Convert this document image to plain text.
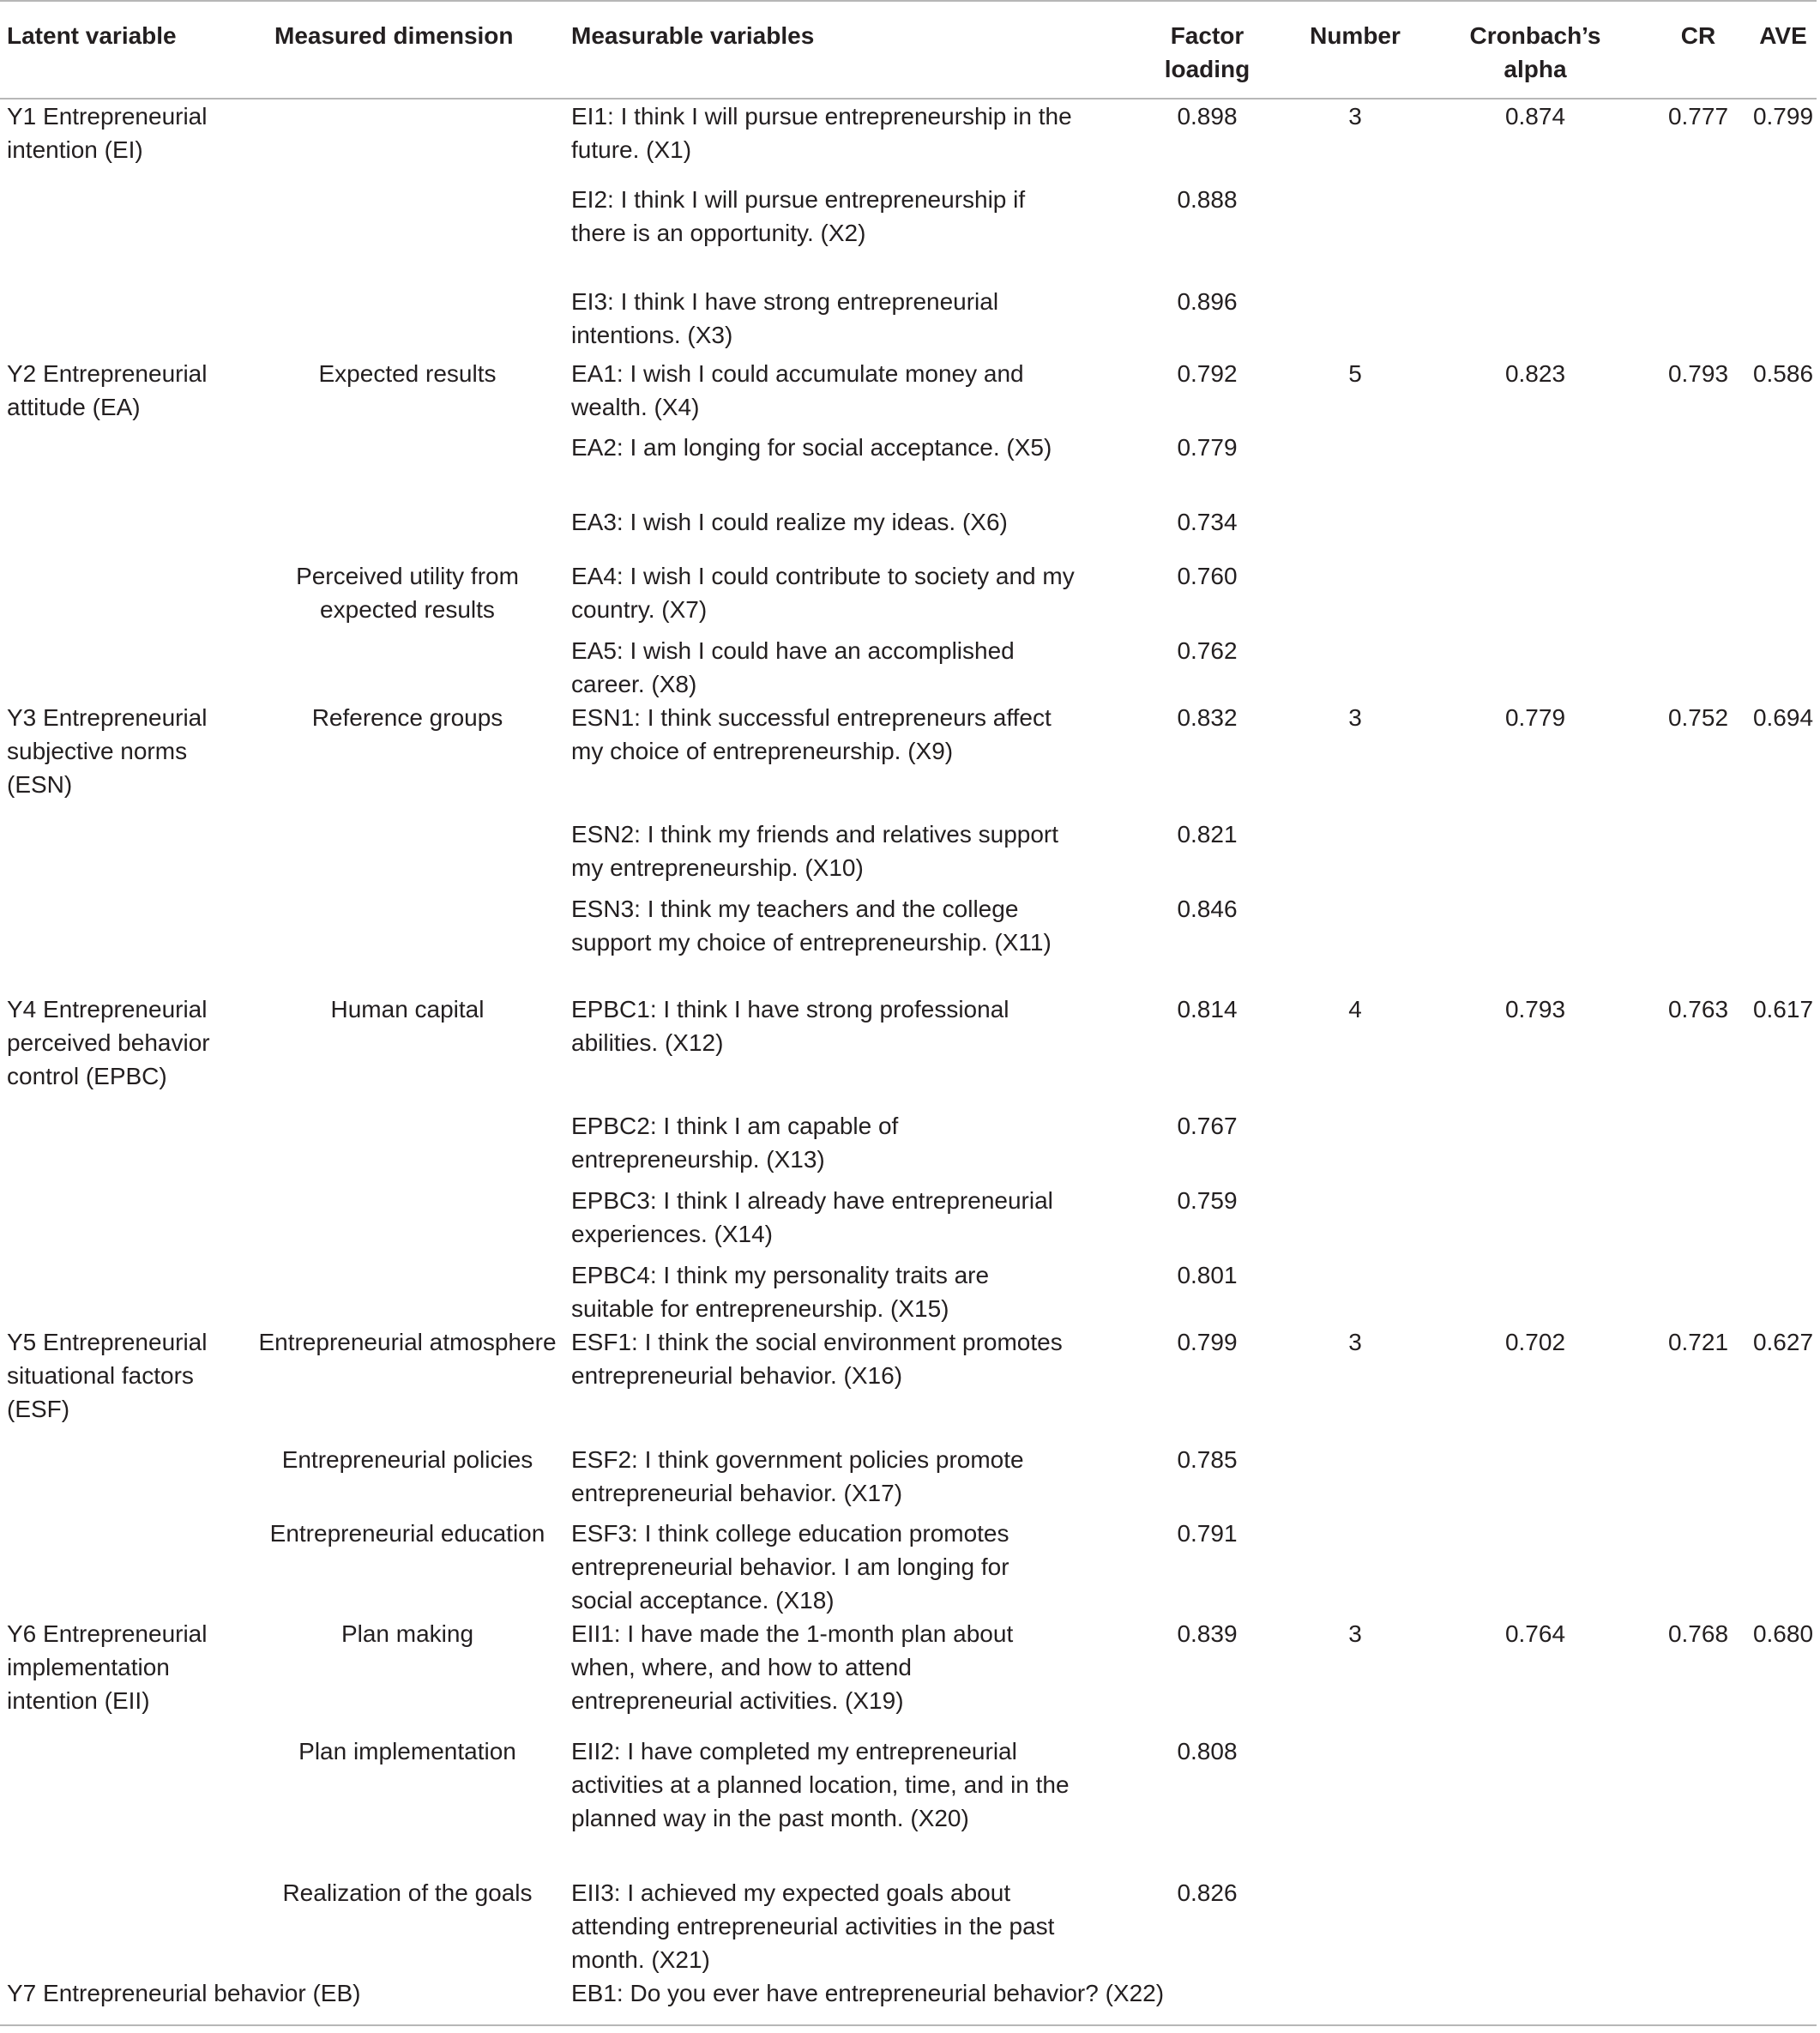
Latent variable	Measured dimension	Measurable variables	Factor loading	Number	Cronbach’s alpha	CR	AVE
Y1 Entrepreneurial intention (EI)		EI1: I think I will pursue entrepreneurship in the future. (X1)	0.898	3	0.874	0.777	0.799
		EI2: I think I will pursue entrepreneurship if there is an opportunity. (X2)	0.888				
		EI3: I think I have strong entrepreneurial intentions. (X3)	0.896				
Y2 Entrepreneurial attitude (EA)	Expected results	EA1: I wish I could accumulate money and wealth. (X4)	0.792	5	0.823	0.793	0.586
		EA2: I am longing for social acceptance. (X5)	0.779				
		EA3: I wish I could realize my ideas. (X6)	0.734				
	Perceived utility from expected results	EA4: I wish I could contribute to society and my country. (X7)	0.760				
		EA5: I wish I could have an accomplished career. (X8)	0.762				
Y3 Entrepreneurial subjective norms (ESN)	Reference groups	ESN1: I think successful entrepreneurs affect my choice of entrepreneurship. (X9)	0.832	3	0.779	0.752	0.694
		ESN2: I think my friends and relatives support my entrepreneurship. (X10)	0.821				
		ESN3: I think my teachers and the college support my choice of entrepreneurship. (X11)	0.846				
Y4 Entrepreneurial perceived behavior control (EPBC)	Human capital	EPBC1: I think I have strong professional abilities. (X12)	0.814	4	0.793	0.763	0.617
		EPBC2: I think I am capable of entrepreneurship. (X13)	0.767				
		EPBC3: I think I already have entrepreneurial experiences. (X14)	0.759				
		EPBC4: I think my personality traits are suitable for entrepreneurship. (X15)	0.801				
Y5 Entrepreneurial situational factors (ESF)	Entrepreneurial atmosphere	ESF1: I think the social environment promotes entrepreneurial behavior. (X16)	0.799	3	0.702	0.721	0.627
	Entrepreneurial policies	ESF2: I think government policies promote entrepreneurial behavior. (X17)	0.785				
	Entrepreneurial education	ESF3: I think college education promotes entrepreneurial behavior. I am longing for social acceptance. (X18)	0.791				
Y6 Entrepreneurial implementation intention (EII)	Plan making	EII1: I have made the 1-month plan about when, where, and how to attend entrepreneurial activities. (X19)	0.839	3	0.764	0.768	0.680
	Plan implementation	EII2: I have completed my entrepreneurial activities at a planned location, time, and in the planned way in the past month. (X20)	0.808				
	Realization of the goals	EII3: I achieved my expected goals about attending entrepreneurial activities in the past month. (X21)	0.826				
Y7 Entrepreneurial behavior (EB)		EB1: Do you ever have entrepreneurial behavior? (X22)					
